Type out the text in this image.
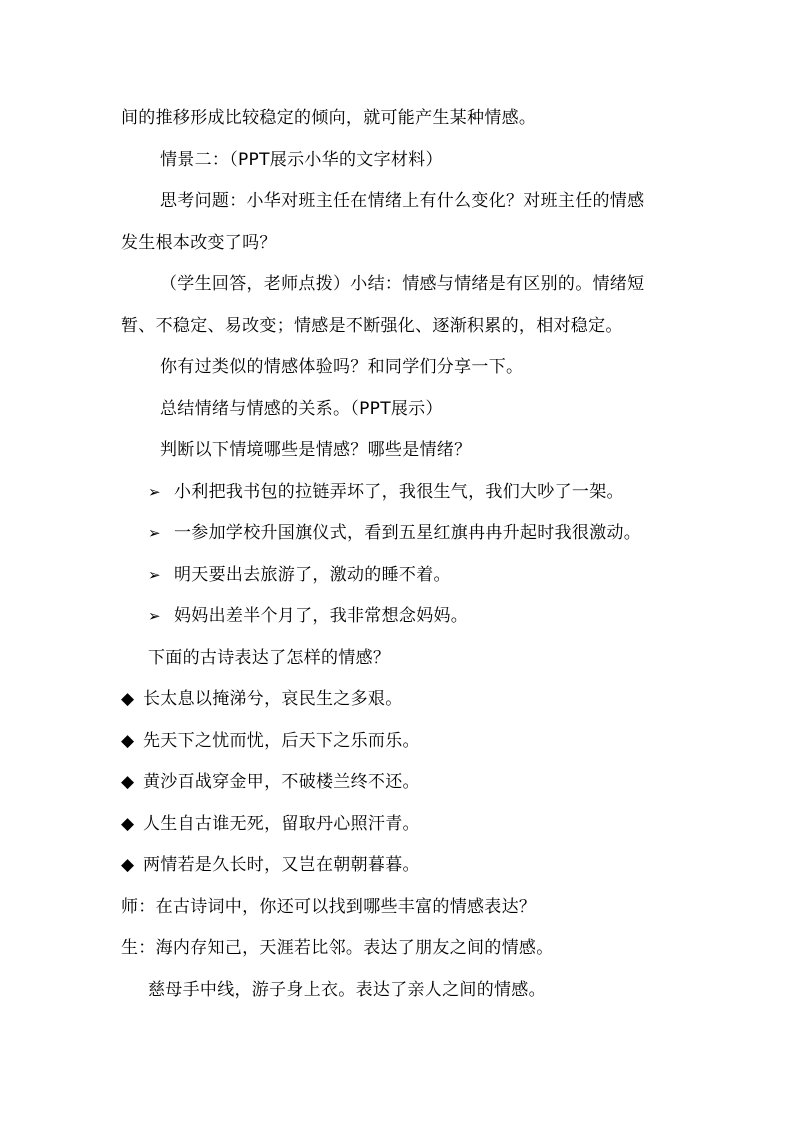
间的推移形成比较稳定的倾向，就可能产生某种情感。
情景二：（PPT展示小华的文字材料）
思考问题：小华对班主任在情绪上有什么变化？对班主任的情感
发生根本改变了吗？
（学生回答，老师点拨）小结：情感与情绪是有区别的。情绪短
暂、不稳定、易改变；情感是不断强化、逐渐积累的，相对稳定。
你有过类似的情感体验吗？和同学们分享一下。
总结情绪与情感的关系。（PPT展示）
判断以下情境哪些是情感？哪些是情绪？
➢ 小利把我书包的拉链弄坏了，我很生气，我们大吵了一架。
➢ 一参加学校升国旗仪式，看到五星红旗冉冉升起时我很激动。
➢ 明天要出去旅游了，激动的睡不着。
➢ 妈妈出差半个月了，我非常想念妈妈。
下面的古诗表达了怎样的情感？
◆ 长太息以掩涕兮，哀民生之多艰。
◆ 先天下之忧而忧，后天下之乐而乐。
◆ 黄沙百战穿金甲，不破楼兰终不还。
◆ 人生自古谁无死，留取丹心照汗青。
◆ 两情若是久长时，又岂在朝朝暮暮。
师：在古诗词中，你还可以找到哪些丰富的情感表达？
生：海内存知己，天涯若比邻。表达了朋友之间的情感。
慈母手中线，游子身上衣。表达了亲人之间的情感。
